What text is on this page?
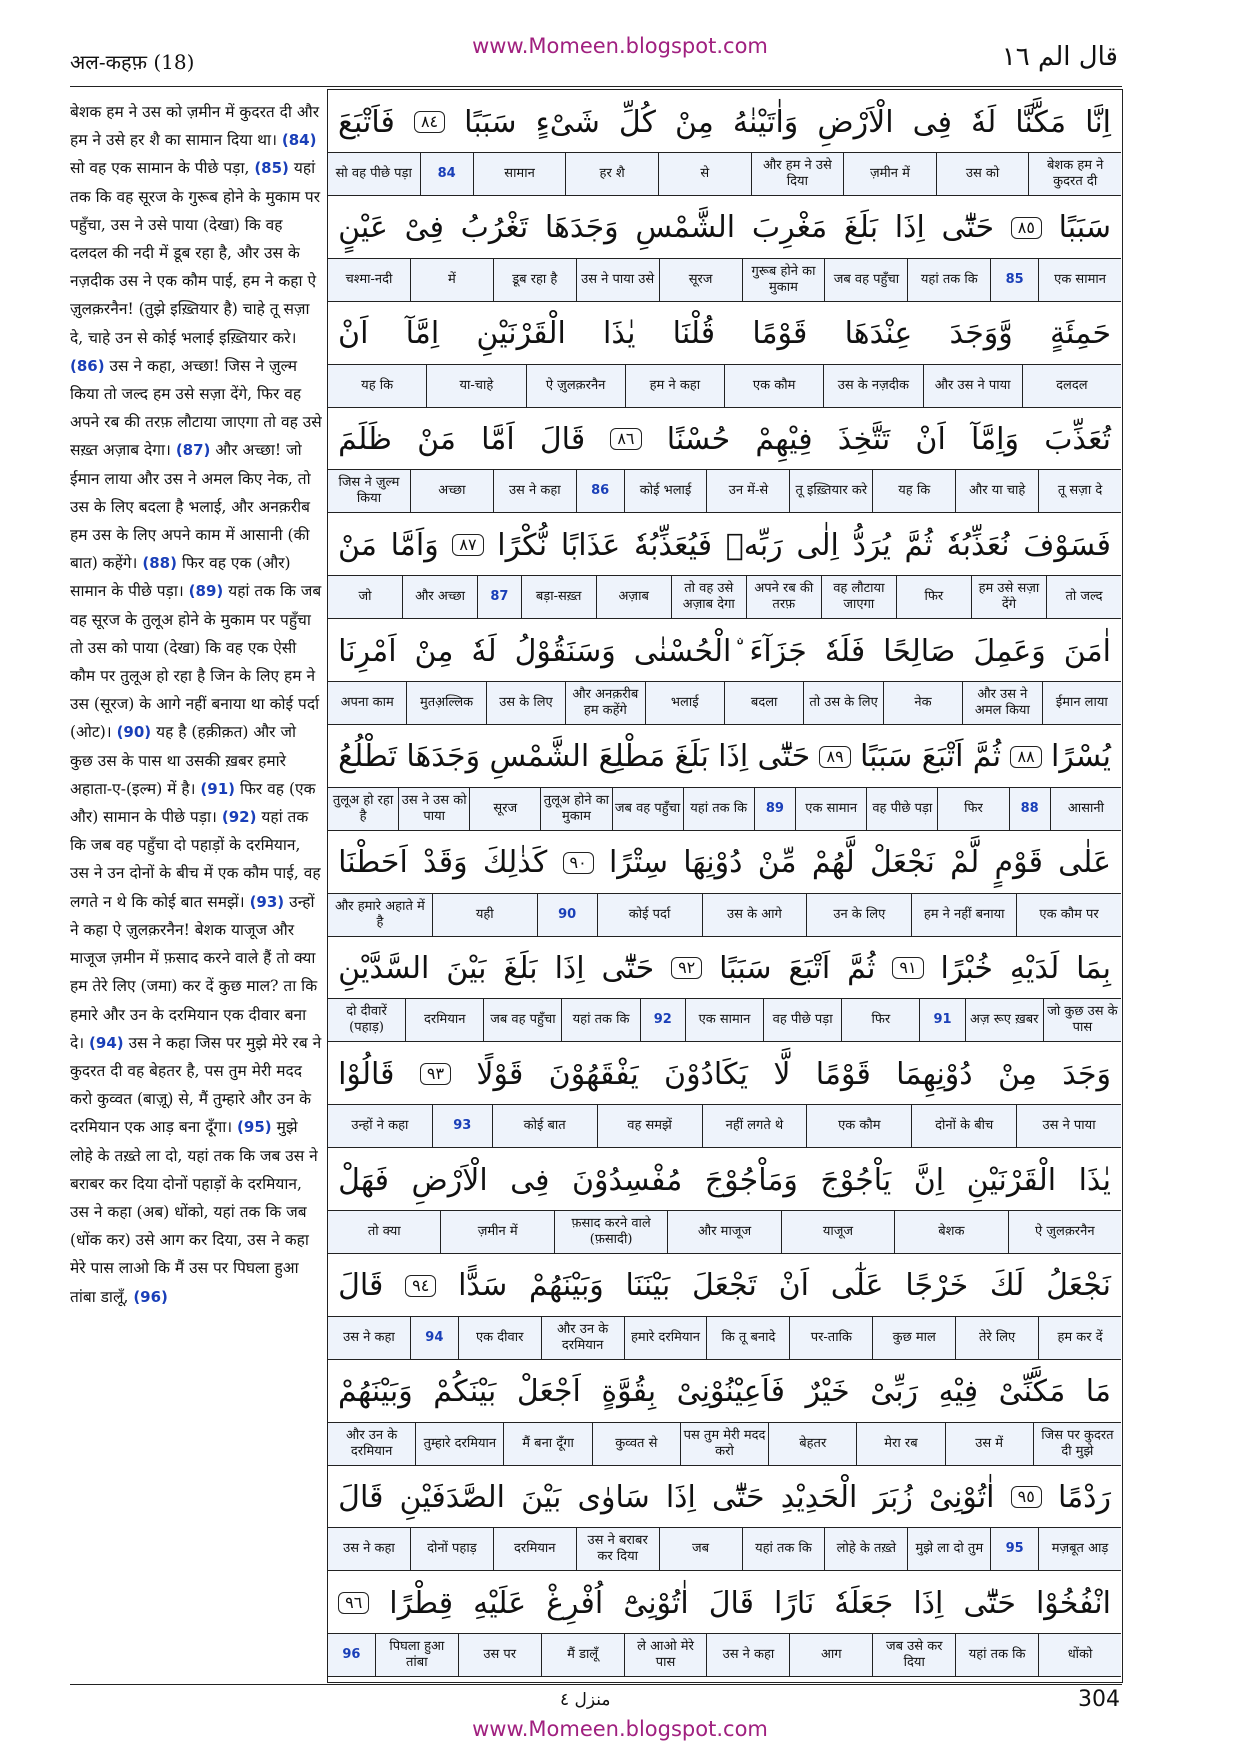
अल-कहफ़ (18)
www.Momeen.blogspot.com	قال الم ١٦
बेशक हम ने उस को ज़मीन में कुदरत दी और हम ने उसे हर शै का सामान दिया था। (84) सो वह एक सामान के पीछे पड़ा, (85) यहां तक कि वह सूरज के गुरूब होने के मुकाम पर पहुँचा, उस ने उसे पाया (देखा) कि वह दलदल की नदी में डूब रहा है, और उस के नज़दीक उस ने एक कौम पाई, हम ने कहा ऐ ज़ुलक़रनैन! (तुझे इख़्तियार है) चाहे तू सज़ा दे, चाहे उन से कोई भलाई इख़्तियार करे। (86) उस ने कहा, अच्छा! जिस ने ज़ुल्म किया तो जल्द हम उसे सज़ा देंगे, फिर वह अपने रब की तरफ़ लौटाया जाएगा तो वह उसे सख़्त अज़ाब देगा। (87) और अच्छा! जो ईमान लाया और उस ने अमल किए नेक, तो उस के लिए बदला है भलाई, और अनक़रीब हम उस के लिए अपने काम में आसानी (की बात) कहेंगे। (88) फिर वह एक (और) सामान के पीछे पड़ा। (89) यहां तक कि जब वह सूरज के तुलूअ होने के मुकाम पर पहुँचा तो उस को पाया (देखा) कि वह एक ऐसी कौम पर तुलूअ हो रहा है जिन के लिए हम ने उस (सूरज) के आगे नहीं बनाया था कोई पर्दा (ओट)। (90) यह है (हक़ीक़त) और जो कुछ उस के पास था उसकी ख़बर हमारे अहाता-ए-(इल्म) में है। (91) फिर वह (एक और) सामान के पीछे पड़ा। (92) यहां तक कि जब वह पहुँचा दो पहाड़ों के दरमियान, उस ने उन दोनों के बीच में एक कौम पाई, वह लगते न थे कि कोई बात समझें। (93) उन्हों ने कहा ऐ ज़ुलक़रनैन! बेशक याजूज और माजूज ज़मीन में फ़साद करने वाले हैं तो क्या हम तेरे लिए (जमा) कर दें कुछ माल? ता कि हमारे और उन के दरमियान एक दीवार बना दे। (94) उस ने कहा जिस पर मुझे मेरे रब ने कुदरत दी वह बेहतर है, पस तुम मेरी मदद करो कुव्वत (बाज़ू) से, मैं तुम्हारे और उन के दरमियान एक आड़ बना दूँगा। (95) मुझे लोहे के तख़्ते ला दो, यहां तक कि जब उस ने बराबर कर दिया दोनों पहाड़ों के दरमियान, उस ने कहा (अब) धोंको, यहां तक कि जब (धोंक कर) उसे आग कर दिया, उस ने कहा मेरे पास लाओ कि मैं उस पर पिघला हुआ तांबा डालूँ, (96)
اِنَّا
مَكَّنَّا
لَهٗ
فِى
الْاَرْضِ
وَاٰتَيْنٰهُ
مِنْ
كُلِّ
شَىْءٍ
سَبَبًا
٨٤
فَاَتْبَعَ
बेशक हम ने कुदरत दी
उस को
ज़मीन में
और हम ने उसे दिया
से
हर शै
सामान
84
सो वह पीछे पड़ा
سَبَبًا
٨٥
حَتّٰٓى
اِذَا
بَلَغَ
مَغْرِبَ
الشَّمْسِ
وَجَدَهَا
تَغْرُبُ
فِىْ
عَيْنٍ
एक सामान
85
यहां तक कि
जब वह पहुँचा
गुरूब होने का मुकाम
सूरज
उस ने पाया उसे
डूब रहा है
में
चश्मा-नदी
حَمِئَةٍ
وَّوَجَدَ
عِنْدَهَا
قَوْمًا
قُلْنَا
يٰذَا
الْقَرْنَيْنِ
اِمَّآ
اَنْ
दलदल
और उस ने पाया
उस के नज़दीक
एक कौम
हम ने कहा
ऐ ज़ुलक़रनैन
या-चाहे
यह कि
تُعَذِّبَ
وَاِمَّآ
اَنْ
تَتَّخِذَ
فِيْهِمْ
حُسْنًا
٨٦
قَالَ
اَمَّا
مَنْ
ظَلَمَ
तू सज़ा दे
और या चाहे
यह कि
तू इख़्तियार करे
उन में-से
कोई भलाई
86
उस ने कहा
अच्छा
जिस ने ज़ुल्म किया
فَسَوْفَ
نُعَذِّبُهٗ
ثُمَّ
يُرَدُّ
اِلٰى
رَبِّهٖ
فَيُعَذِّبُهٗ
عَذَابًا
نُّكْرًا
٨٧
وَاَمَّا
مَنْ
तो जल्द
हम उसे सज़ा देंगे
फिर
वह लौटाया जाएगा
अपने रब की तरफ़
तो वह उसे अज़ाब देगा
अज़ाब
बड़ा-सख़्त
87
और अच्छा
जो
اٰمَنَ
وَعَمِلَ
صَالِحًا
فَلَهٗ
جَزَآءَ
ۨالْحُسْنٰى
وَسَنَقُوْلُ
لَهٗ
مِنْ
اَمْرِنَا
ईमान लाया
और उस ने अमल किया
नेक
तो उस के लिए
बदला
भलाई
और अनक़रीब हम कहेंगे
उस के लिए
मुतअ़ल्लिक
अपना काम
يُسْرًا
٨٨
ثُمَّ
اَتْبَعَ
سَبَبًا
٨٩
حَتّٰٓى
اِذَا
بَلَغَ
مَطْلِعَ
الشَّمْسِ
وَجَدَهَا
تَطْلُعُ
आसानी
88
फिर
वह पीछे पड़ा
एक सामान
89
यहां तक कि
जब वह पहुँचा
तुलूअ होने का मुकाम
सूरज
उस ने उस को पाया
तुलूअ हो रहा है
عَلٰى
قَوْمٍ
لَّمْ
نَجْعَلْ
لَّهُمْ
مِّنْ
دُوْنِهَا
سِتْرًا
٩٠
كَذٰلِكَ
وَقَدْ
اَحَطْنَا
एक कौम पर
हम ने नहीं बनाया
उन के लिए
उस के आगे
कोई पर्दा
90
यही
और हमारे अहाते में है
بِمَا
لَدَيْهِ
خُبْرًا
٩١
ثُمَّ
اَتْبَعَ
سَبَبًا
٩٢
حَتّٰٓى
اِذَا
بَلَغَ
بَيْنَ
السَّدَّيْنِ
जो कुछ उस के पास
अज़ रूए ख़बर
91
फिर
वह पीछे पड़ा
एक सामान
92
यहां तक कि
जब वह पहुँचा
दरमियान
दो दीवारें (पहाड़)
وَجَدَ
مِنْ
دُوْنِهِمَا
قَوْمًا
لَّا
يَكَادُوْنَ
يَفْقَهُوْنَ
قَوْلًا
٩٣
قَالُوْا
उस ने पाया
दोनों के बीच
एक कौम
नहीं लगते थे
वह समझें
कोई बात
93
उन्हों ने कहा
يٰذَا
الْقَرْنَيْنِ
اِنَّ
يَاْجُوْجَ
وَمَاْجُوْجَ
مُفْسِدُوْنَ
فِى
الْاَرْضِ
فَهَلْ
ऐ ज़ुलक़रनैन
बेशक
याजूज
और माजूज
फ़साद करने वाले (फ़सादी)
ज़मीन में
तो क्या
نَجْعَلُ
لَكَ
خَرْجًا
عَلٰٓى
اَنْ
تَجْعَلَ
بَيْنَنَا
وَبَيْنَهُمْ
سَدًّا
٩٤
قَالَ
हम कर दें
तेरे लिए
कुछ माल
पर-ताकि
कि तू बनादे
हमारे दरमियान
और उन के दरमियान
एक दीवार
94
उस ने कहा
مَا
مَكَّنِّىْ
فِيْهِ
رَبِّىْ
خَيْرٌ
فَاَعِيْنُوْنِىْ
بِقُوَّةٍ
اَجْعَلْ
بَيْنَكُمْ
وَبَيْنَهُمْ
जिस पर कुदरत दी मुझे
उस में
मेरा रब
बेहतर
पस तुम मेरी मदद करो
कुव्वत से
मैं बना दूँगा
तुम्हारे दरमियान
और उन के दरमियान
رَدْمًا
٩٥
اٰتُوْنِىْ
زُبَرَ
الْحَدِيْدِ
حَتّٰٓى
اِذَا
سَاوٰى
بَيْنَ
الصَّدَفَيْنِ
قَالَ
मज़बूत आड़
95
मुझे ला दो तुम
लोहे के तख़्ते
यहां तक कि
जब
उस ने बराबर कर दिया
दरमियान
दोनों पहाड़
उस ने कहा
انْفُخُوْا
حَتّٰٓى
اِذَا
جَعَلَهٗ
نَارًا
قَالَ
اٰتُوْنِىْٓ
اُفْرِغْ
عَلَيْهِ
قِطْرًا
٩٦
धोंको
यहां तक कि
जब उसे कर दिया
आग
उस ने कहा
ले आओ मेरे पास
मैं डालूँ
उस पर
पिघला हुआ तांबा
96
منزل ٤	304
www.Momeen.blogspot.com
